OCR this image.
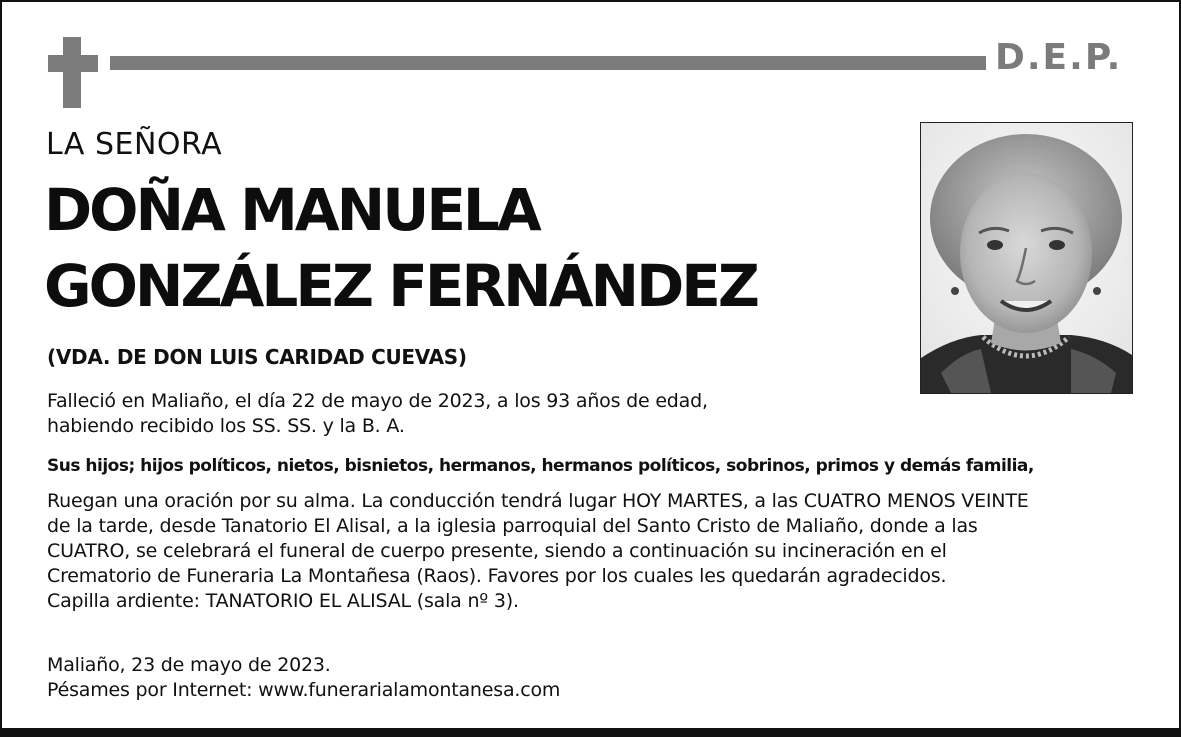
D.E.P.
LA SEÑORA
DOÑA MANUELA
GONZÁLEZ FERNÁNDEZ
(VDA. DE DON LUIS CARIDAD CUEVAS)
Falleció en Maliaño, el día 22 de mayo de 2023, a los 93 años de edad,
habiendo recibido los SS. SS. y la B. A.
Sus hijos; hijos políticos, nietos, bisnietos, hermanos, hermanos políticos, sobrinos, primos y demás familia,
Ruegan una oración por su alma. La conducción tendrá lugar HOY MARTES, a las CUATRO MENOS VEINTE
de la tarde, desde Tanatorio El Alisal, a la iglesia parroquial del Santo Cristo de Maliaño, donde a las
CUATRO, se celebrará el funeral de cuerpo presente, siendo a continuación su incineración en el
Crematorio de Funeraria La Montañesa (Raos). Favores por los cuales les quedarán agradecidos.
Capilla ardiente: TANATORIO EL ALISAL (sala nº 3).
Maliaño, 23 de mayo de 2023.
Pésames por Internet: www.funerarialamontanesa.com
